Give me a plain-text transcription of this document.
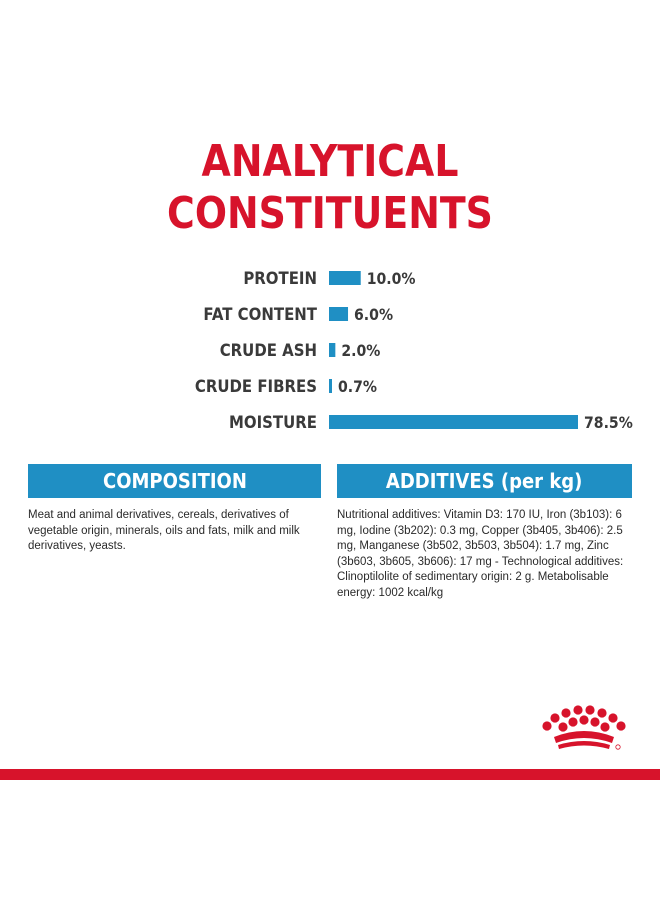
ANALYTICAL
CONSTITUENTS
PROTEIN	10.0%
FAT CONTENT 6.0%
CRUDE ASH 2.0%
CRUDE FIBRES 0.7%
MOISTURE	78.5%
COMPOSITION	ADDITIVES (per kg)
Meat and animal derivatives, cereals, derivatives of vegetable origin, minerals, oils and fats, milk and milk derivatives, yeasts.
Nutritional additives: Vitamin D3: 170 IU, Iron (3b103): 6 mg, Iodine (3b202): 0.3 mg, Copper (3b405, 3b406): 2.5 mg, Manganese (3b502, 3b503, 3b504): 1.7 mg, Zinc (3b603, 3b605, 3b606): 17 mg - Technological additives: Clinoptilolite of sedimentary origin: 2 g. Metabolisable energy: 1002 kcal/kg
